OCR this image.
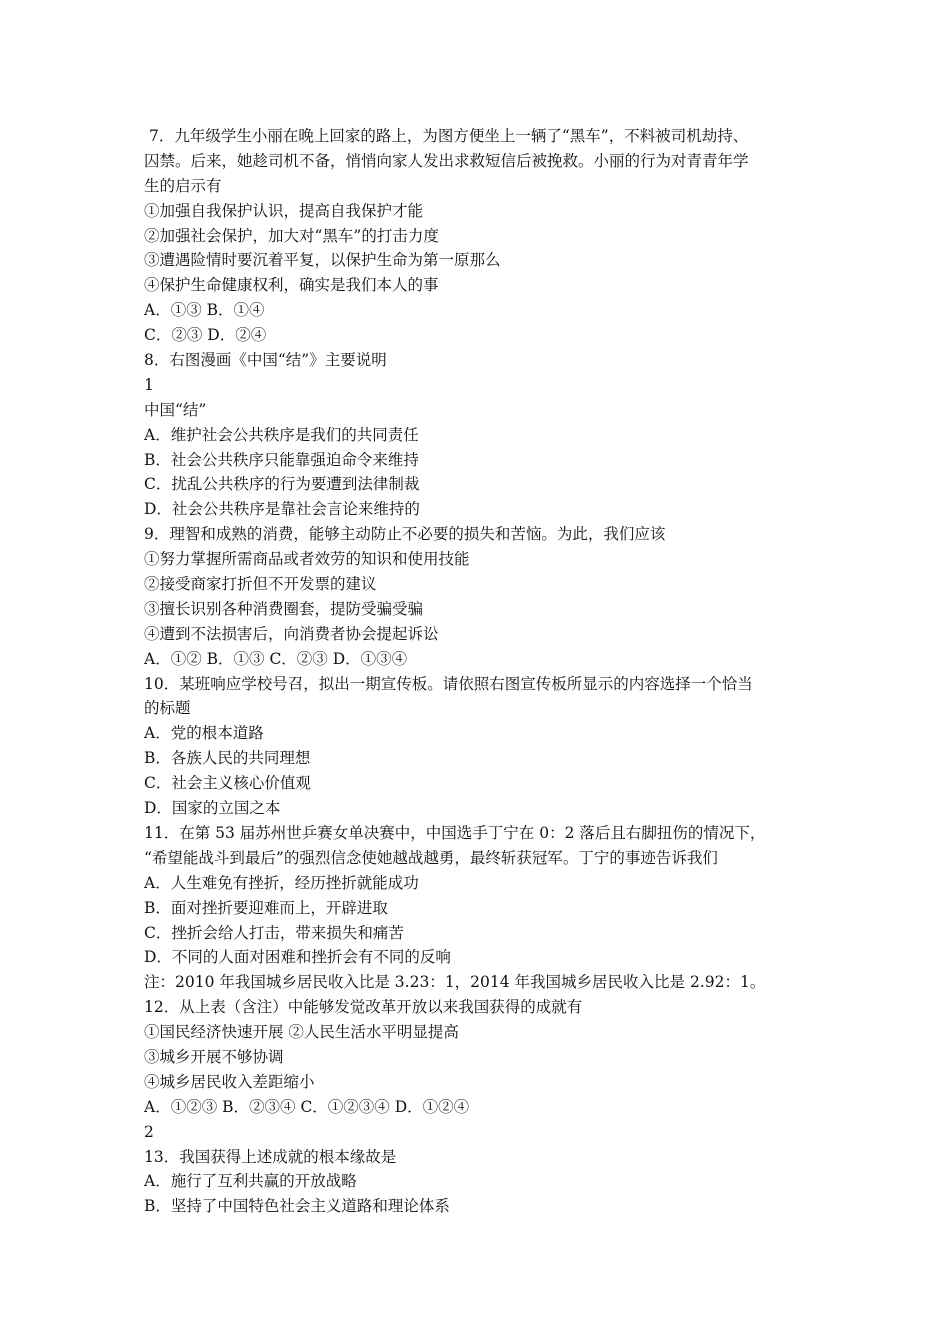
7．九年级学生小丽在晚上回家的路上，为图方便坐上一辆了“黑车”，不料被司机劫持、

囚禁。后来，她趁司机不备，悄悄向家人发出求救短信后被挽救。小丽的行为对青青年学

生的启示有

①加强自我保护认识，提高自我保护才能

②加强社会保护，加大对“黑车”的打击力度

③遭遇险情时要沉着平复，以保护生命为第一原那么

④保护生命健康权利，确实是我们本人的事

A．①③ B．①④

C．②③ D．②④

8．右图漫画《中国“结”》主要说明

1

中国“结”

A．维护社会公共秩序是我们的共同责任

B．社会公共秩序只能靠强迫命令来维持

C．扰乱公共秩序的行为要遭到法律制裁

D．社会公共秩序是靠社会言论来维持的

9．理智和成熟的消费，能够主动防止不必要的损失和苦恼。为此，我们应该

①努力掌握所需商品或者效劳的知识和使用技能

②接受商家打折但不开发票的建议

③擅长识别各种消费圈套，提防受骗受骗

④遭到不法损害后，向消费者协会提起诉讼

A．①② B．①③ C．②③ D．①③④

10．某班响应学校号召，拟出一期宣传板。请依照右图宣传板所显示的内容选择一个恰当

的标题

A．党的根本道路

B．各族人民的共同理想

C．社会主义核心价值观

D．国家的立国之本

11．在第 53 届苏州世乒赛女单决赛中，中国选手丁宁在 0：2 落后且右脚扭伤的情况下，

“希望能战斗到最后”的强烈信念使她越战越勇，最终斩获冠军。丁宁的事迹告诉我们

A．人生难免有挫折，经历挫折就能成功

B．面对挫折要迎难而上，开辟进取

C．挫折会给人打击，带来损失和痛苦

D．不同的人面对困难和挫折会有不同的反响

注：2010 年我国城乡居民收入比是 3.23：1，2014 年我国城乡居民收入比是 2.92：1。

12．从上表（含注）中能够发觉改革开放以来我国获得的成就有

①国民经济快速开展 ②人民生活水平明显提高

③城乡开展不够协调

④城乡居民收入差距缩小

A．①②③ B．②③④ C．①②③④ D．①②④

2

13．我国获得上述成就的根本缘故是

A．施行了互利共赢的开放战略

B．坚持了中国特色社会主义道路和理论体系
